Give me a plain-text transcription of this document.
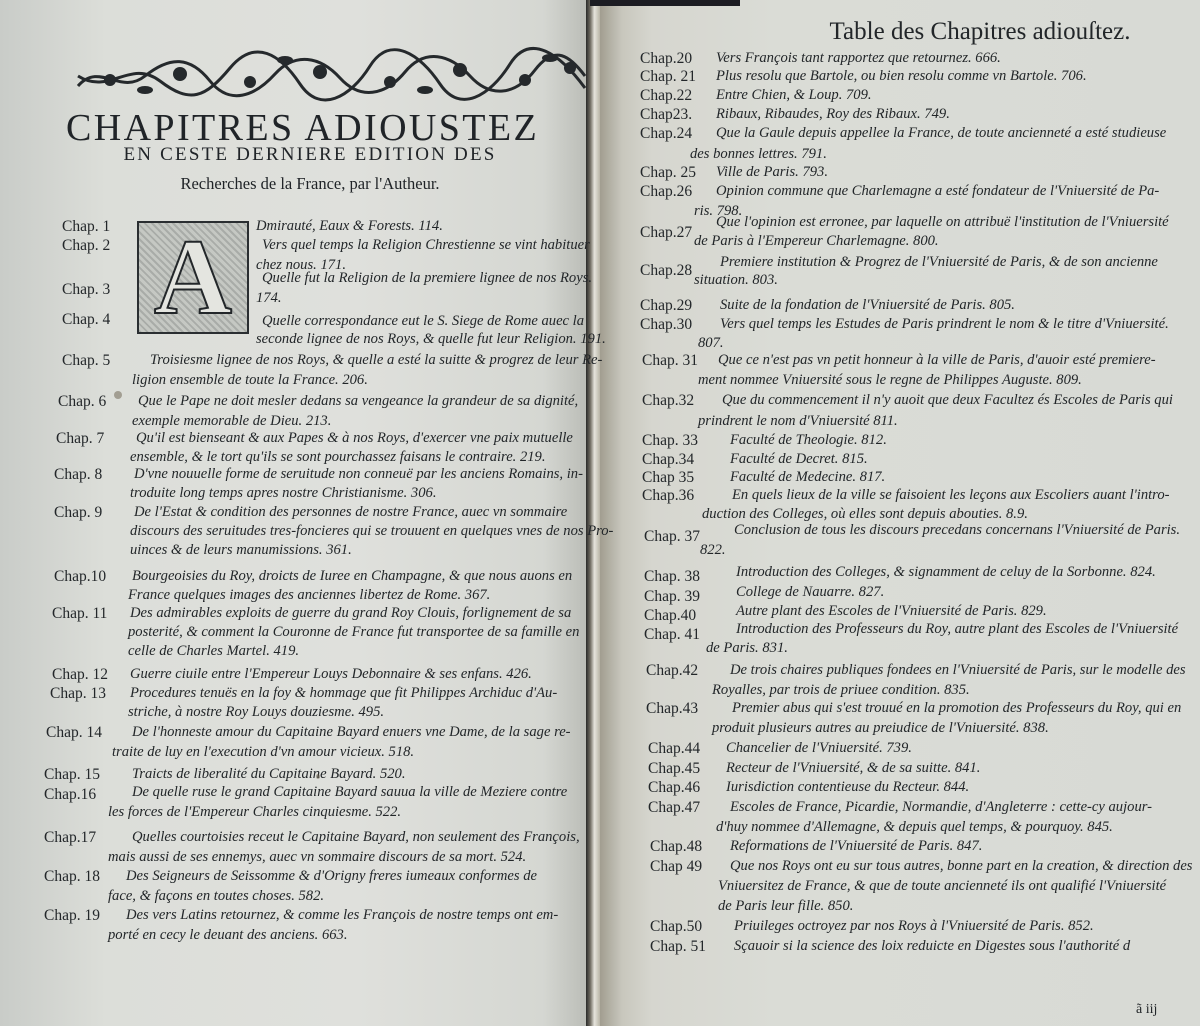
CHAPITRES ADIOUSTEZ
EN CESTE DERNIERE EDITION DES
Recherches de la France, par l'Autheur.
A
Chap. 1	Dmirauté, Eaux & Forests. 114.
Chap. 2	Vers quel temps la Religion Chrestienne se vint habituer
chez nous. 171.
Chap. 3
Quelle fut la Religion de la premiere lignee de nos Roys.
174.
Chap. 4	Quelle correspondance eut le S. Siege de Rome auec la
seconde lignee de nos Roys, & quelle fut leur Religion. 191.
Chap. 5	Troisiesme lignee de nos Roys, & quelle a esté la suitte & progrez de leur Re-
ligion ensemble de toute la France. 206.
Chap. 6 Que le Pape ne doit mesler dedans sa vengeance la grandeur de sa dignité,
exemple memorable de Dieu. 213.
Chap. 7 Qu'il est bienseant & aux Papes & à nos Roys, d'exercer vne paix mutuelle
ensemble, & le tort qu'ils se sont pourchassez faisans le contraire. 219.
Chap. 8 D'vne nouuelle forme de seruitude non conneuë par les anciens Romains, in-
troduite long temps apres nostre Christianisme. 306.
Chap. 9 De l'Estat & condition des personnes de nostre France, auec vn sommaire
discours des seruitudes tres-foncieres qui se trouuent en quelques vnes de nos Pro-
uinces & de leurs manumissions. 361.
Chap.10 Bourgeoisies du Roy, droicts de Iuree en Champagne, & que nous auons en
France quelques images des anciennes libertez de Rome. 367.
Chap. 11 Des admirables exploits de guerre du grand Roy Clouis, forlignement de sa
posterité, & comment la Couronne de France fut transportee de sa famille en
celle de Charles Martel. 419.
Chap. 12 Guerre ciuile entre l'Empereur Louys Debonnaire & ses enfans. 426.
Chap. 13 Procedures tenuës en la foy & hommage que fit Philippes Archiduc d'Au-
striche, à nostre Roy Louys douziesme. 495.
Chap. 14 De l'honneste amour du Capitaine Bayard enuers vne Dame, de la sage re-
traite de luy en l'execution d'vn amour vicieux. 518.
Chap. 15 Traicts de liberalité du Capitaine Bayard. 520.
Chap.16 De quelle ruse le grand Capitaine Bayard sauua la ville de Meziere contre
les forces de l'Empereur Charles cinquiesme. 522.
Chap.17 Quelles courtoisies receut le Capitaine Bayard, non seulement des François,
mais aussi de ses ennemys, auec vn sommaire discours de sa mort. 524.
Chap. 18 Des Seigneurs de Seissomme & d'Origny freres iumeaux conformes de
face, & façons en toutes choses. 582.
Chap. 19 Des vers Latins retournez, & comme les François de nostre temps ont em-
porté en cecy le deuant des anciens. 663.
Table des Chapitres adiouſtez.
Chap.20 Vers François tant rapportez que retournez. 666.
Chap. 21 Plus resolu que Bartole, ou bien resolu comme vn Bartole. 706.
Chap.22 Entre Chien, & Loup. 709.
Chap23. Ribaux, Ribaudes, Roy des Ribaux. 749.
Chap.24 Que la Gaule depuis appellee la France, de toute ancienneté a esté studieuse
des bonnes lettres. 791.
Chap. 25 Ville de Paris. 793.
Chap.26 Opinion commune que Charlemagne a esté fondateur de l'Vniuersité de Pa-
ris. 798.
Chap.27
Que l'opinion est erronee, par laquelle on attribuë l'institution de l'Vniuersité
de Paris à l'Empereur Charlemagne. 800.
Chap.28 Premiere institution & Progrez de l'Vniuersité de Paris, & de son ancienne
situation. 803.
Chap.29 Suite de la fondation de l'Vniuersité de Paris. 805.
Chap.30 Vers quel temps les Estudes de Paris prindrent le nom & le titre d'Vniuersité.
807.
Chap. 31 Que ce n'est pas vn petit honneur à la ville de Paris, d'auoir esté premiere-
ment nommee Vniuersité sous le regne de Philippes Auguste. 809.
Chap.32 Que du commencement il n'y auoit que deux Facultez és Escoles de Paris qui
prindrent le nom d'Vniuersité 811.
Chap. 33 Faculté de Theologie. 812.
Chap.34 Faculté de Decret. 815.
Chap 35 Faculté de Medecine. 817.
Chap.36	En quels lieux de la ville se faisoient les leçons aux Escoliers auant l'intro-
duction des Colleges, où elles sont depuis abouties. 8.9.
Chap. 37 Conclusion de tous les discours precedans concernans l'Vniuersité de Paris.
822.
Chap. 38 Introduction des Colleges, & signamment de celuy de la Sorbonne. 824.
Chap. 39 College de Nauarre. 827.
Chap.40	Autre plant des Escoles de l'Vniuersité de Paris. 829.
Chap. 41 Introduction des Professeurs du Roy, autre plant des Escoles de l'Vniuersité
de Paris. 831.
Chap.42 De trois chaires publiques fondees en l'Vniuersité de Paris, sur le modelle des
Royalles, par trois de priuee condition. 835.
Chap.43 Premier abus qui s'est trouué en la promotion des Professeurs du Roy, qui en
produit plusieurs autres au preiudice de l'Vniuersité. 838.
Chap.44 Chancelier de l'Vniuersité. 739.
Chap.45 Recteur de l'Vniuersité, & de sa suitte. 841.
Chap.46 Iurisdiction contentieuse du Recteur. 844.
Chap.47 Escoles de France, Picardie, Normandie, d'Angleterre : cette-cy aujour-
d'huy nommee d'Allemagne, & depuis quel temps, & pourquoy. 845.
Chap.48 Reformations de l'Vniuersité de Paris. 847.
Chap 49 Que nos Roys ont eu sur tous autres, bonne part en la creation, & direction des
Vniuersitez de France, & que de toute ancienneté ils ont qualifié l'Vniuersité
de Paris leur fille. 850.
Chap.50 Priuileges octroyez par nos Roys à l'Vniuersité de Paris. 852.
Chap. 51 Sçauoir si la science des loix reduicte en Digestes sous l'authorité d
ã iij
